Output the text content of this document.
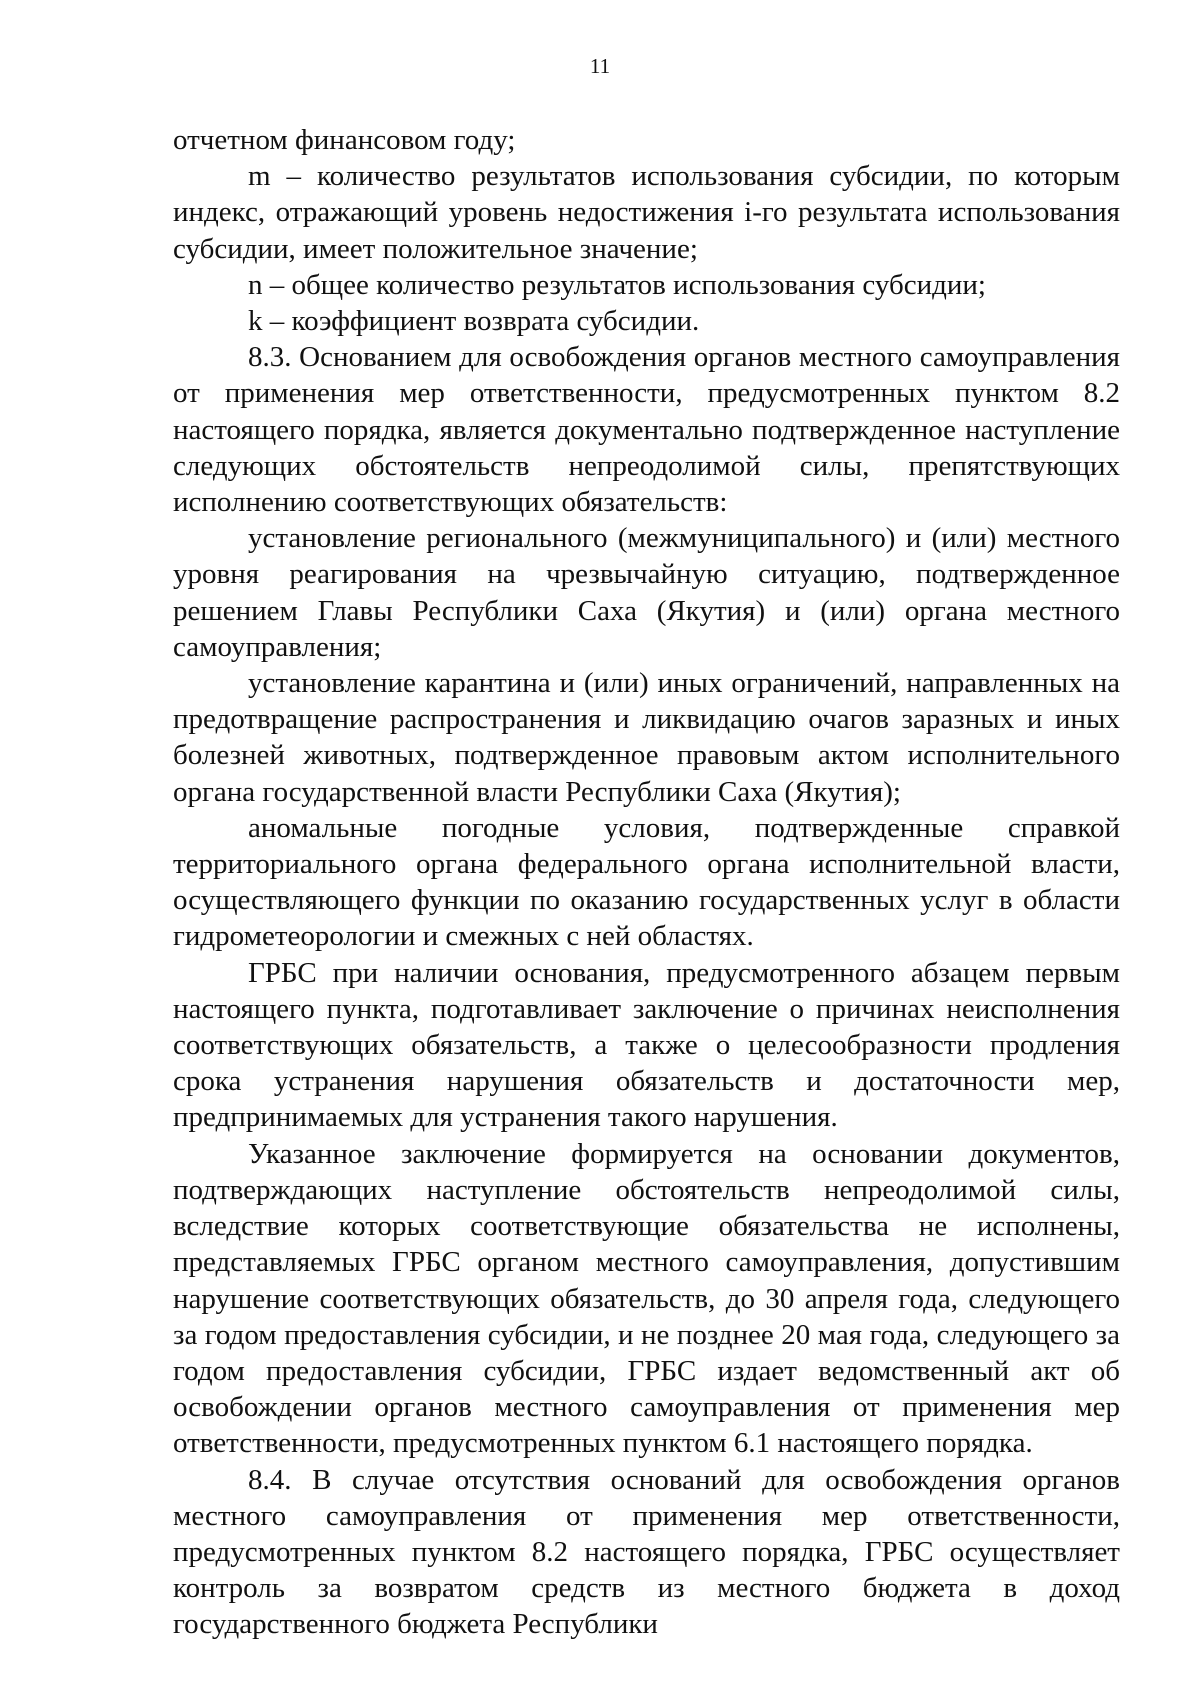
11

отчетном финансовом году;

m – количество результатов использования субсидии, по которым индекс, отражающий уровень недостижения i-го результата использования субсидии, имеет положительное значение;

n – общее количество результатов использования субсидии;

k – коэффициент возврата субсидии.

8.3. Основанием для освобождения органов местного самоуправления от применения мер ответственности, предусмотренных пунктом 8.2 настоящего порядка, является документально подтвержденное наступление следующих обстоятельств непреодолимой силы, препятствующих исполнению соответствующих обязательств:

установление регионального (межмуниципального) и (или) местного уровня реагирования на чрезвычайную ситуацию, подтвержденное решением Главы Республики Саха (Якутия) и (или) органа местного самоуправления;

установление карантина и (или) иных ограничений, направленных на предотвращение распространения и ликвидацию очагов заразных и иных болезней животных, подтвержденное правовым актом исполнительного органа государственной власти Республики Саха (Якутия);

аномальные погодные условия, подтвержденные справкой территориального органа федерального органа исполнительной власти, осуществляющего функции по оказанию государственных услуг в области гидрометеорологии и смежных с ней областях.

ГРБС при наличии основания, предусмотренного абзацем первым настоящего пункта, подготавливает заключение о причинах неисполнения соответствующих обязательств, а также о целесообразности продления срока устранения нарушения обязательств и достаточности мер, предпринимаемых для устранения такого нарушения.

Указанное заключение формируется на основании документов, подтверждающих наступление обстоятельств непреодолимой силы, вследствие которых соответствующие обязательства не исполнены, представляемых ГРБС органом местного самоуправления, допустившим нарушение соответствующих обязательств, до 30 апреля года, следующего за годом предоставления субсидии, и не позднее 20 мая года, следующего за годом предоставления субсидии, ГРБС издает ведомственный акт об освобождении органов местного самоуправления от применения мер ответственности, предусмотренных пунктом 6.1 настоящего порядка.

8.4. В случае отсутствия оснований для освобождения органов местного самоуправления от применения мер ответственности, предусмотренных пунктом 8.2 настоящего порядка, ГРБС осуществляет контроль за возвратом средств из местного бюджета в доход государственного бюджета Республики
